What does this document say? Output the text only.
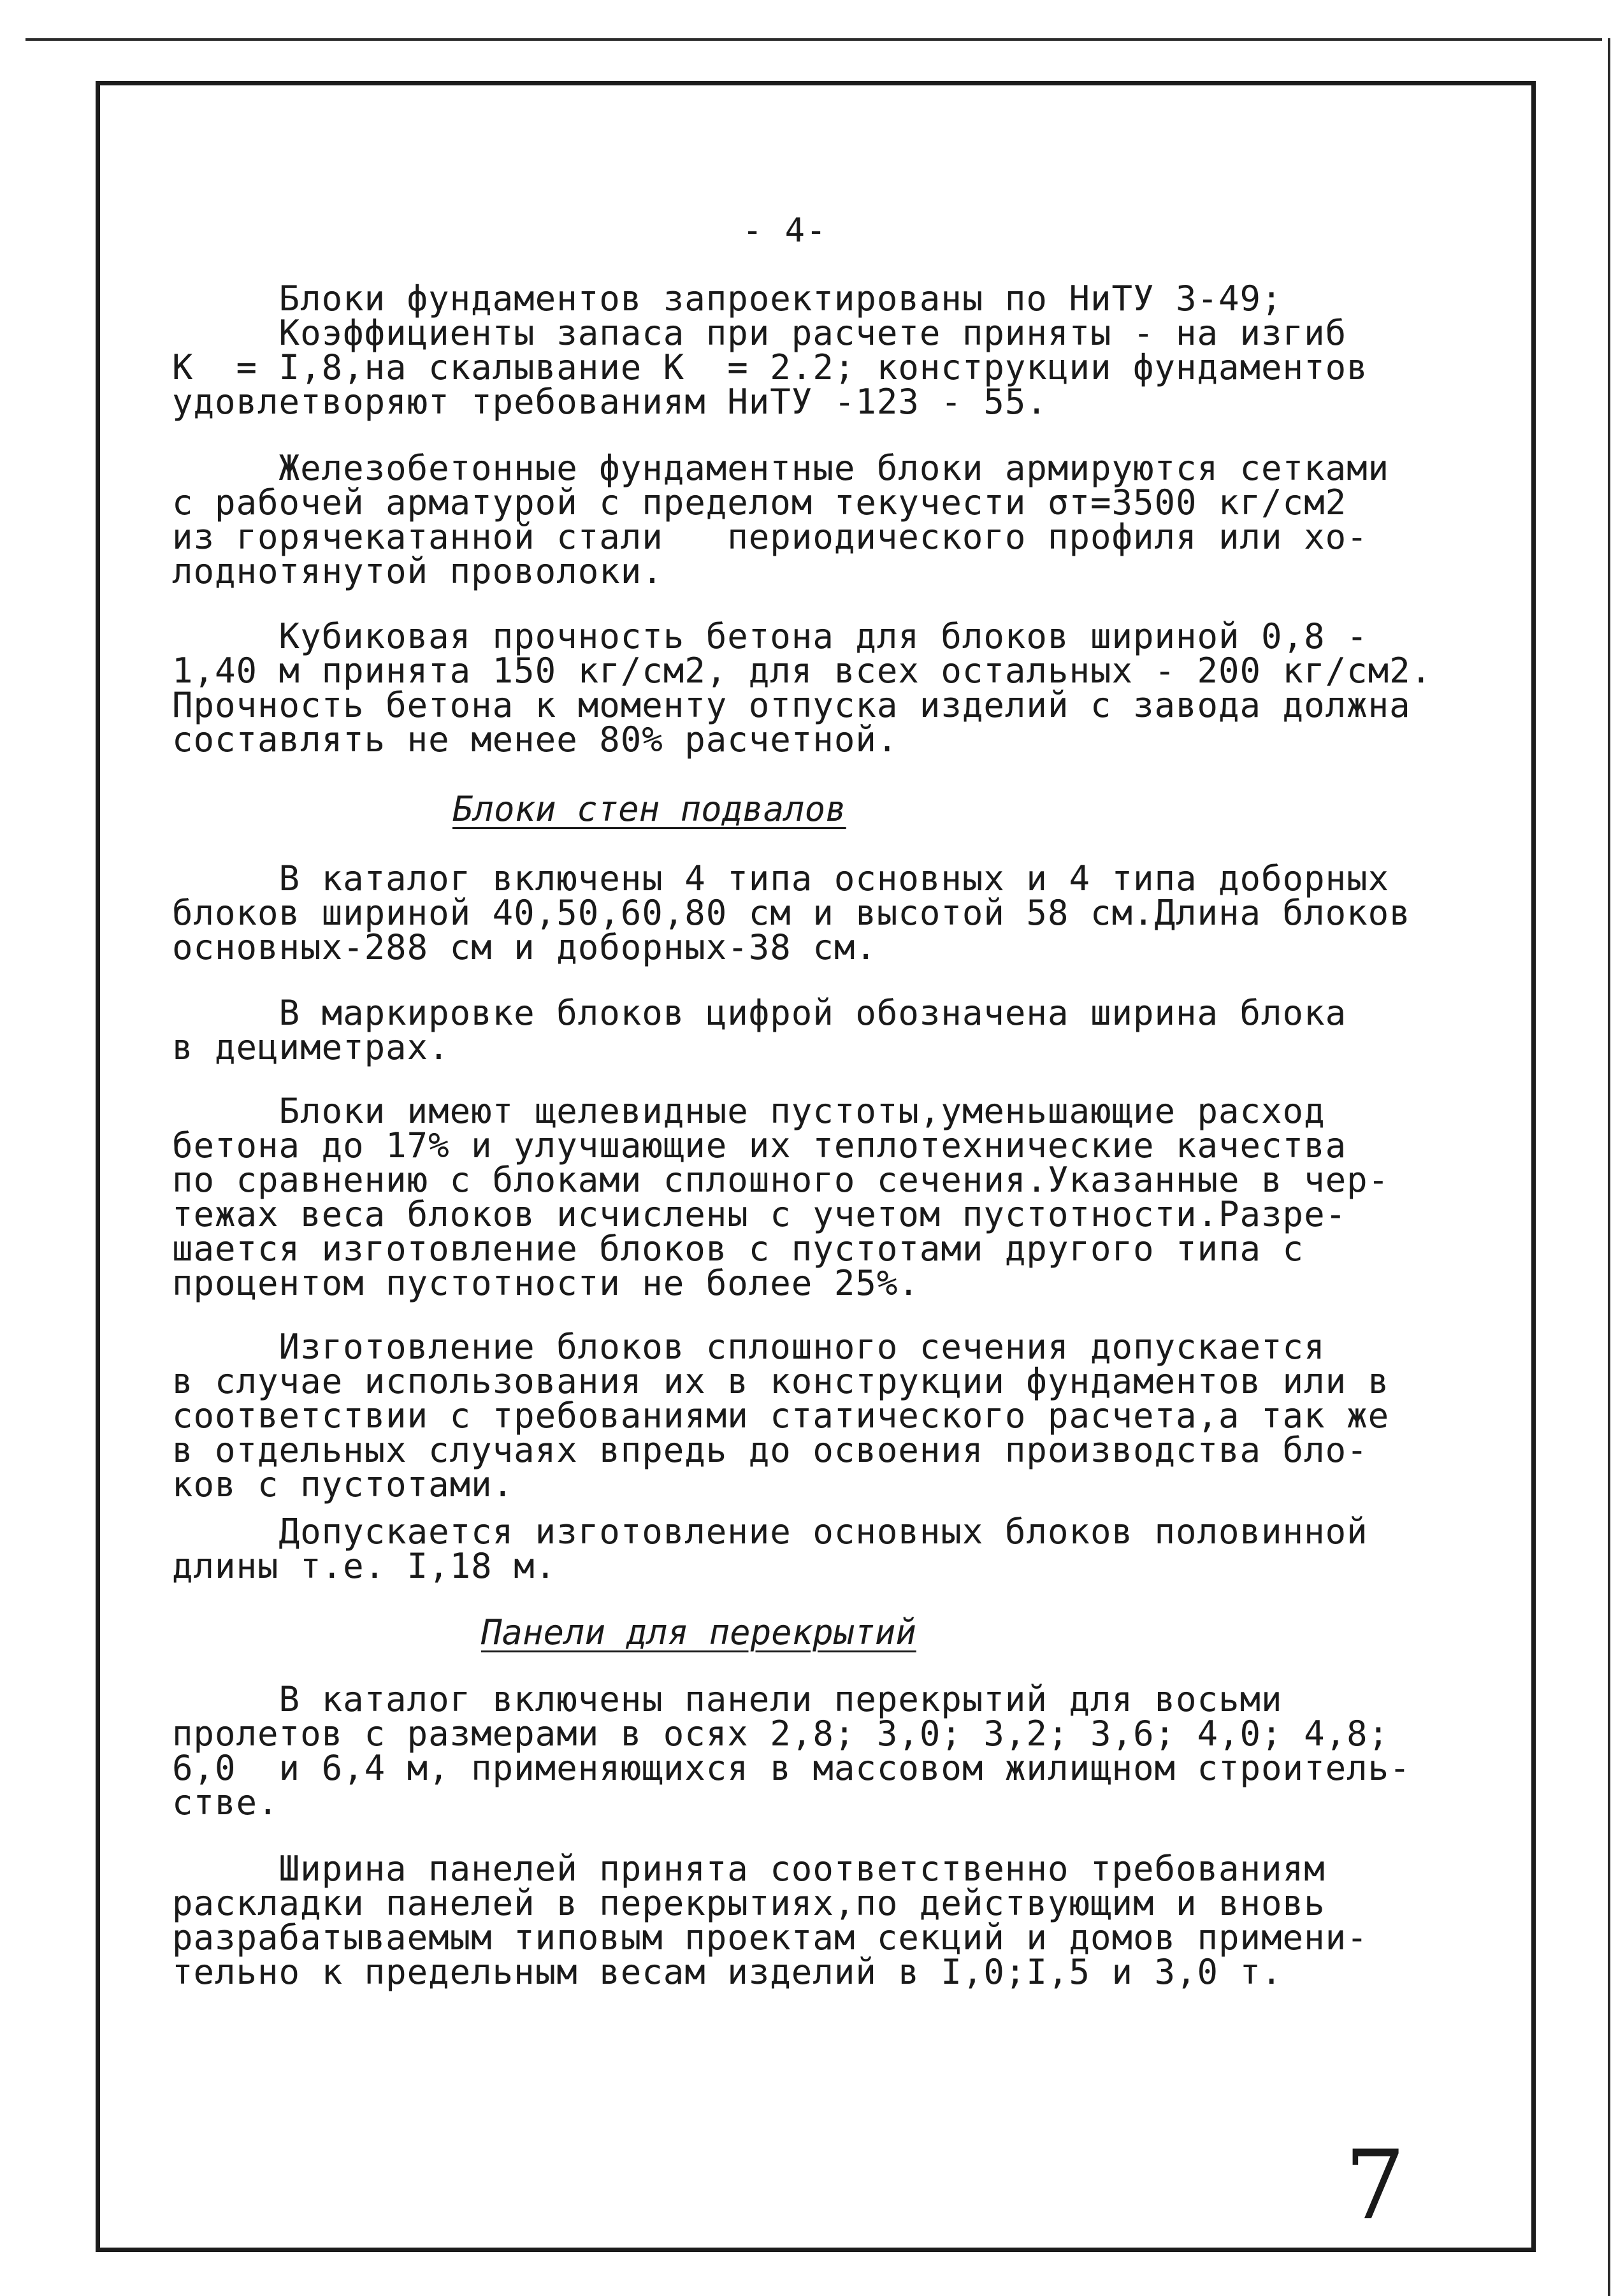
- 4-
Блоки фундаментов запроектированы по НиТУ 3-49;
Коэффициенты запаса при расчете приняты - на изгиб
К  = I,8,на скалывание К  = 2.2; конструкции фундаментов
удовлетворяют требованиям НиТУ -123 - 55.
Железобетонные фундаментные блоки армируются сетками
с рабочей арматурой с пределом текучести σт=3500 кг/см2
из горячекатанной стали   периодического профиля или хо-
лоднотянутой проволоки.
Кубиковая прочность бетона для блоков шириной 0,8 -
1,40 м принята 150 кг/см2, для всех остальных - 200 кг/см2.
Прочность бетона к моменту отпуска изделий с завода должна
составлять не менее 80% расчетной.
Блоки стен подвалов
В каталог включены 4 типа основных и 4 типа доборных
блоков шириной 40,50,60,80 см и высотой 58 см.Длина блоков
основных-288 см и доборных-38 см.
В маркировке блоков цифрой обозначена ширина блока
в дециметрах.
Блоки имеют щелевидные пустоты,уменьшающие расход
бетона до 17% и улучшающие их теплотехнические качества
по сравнению с блоками сплошного сечения.Указанные в чер-
тежах веса блоков исчислены с учетом пустотности.Разре-
шается изготовление блоков с пустотами другого типа с
процентом пустотности не более 25%.
Изготовление блоков сплошного сечения допускается
в случае использования их в конструкции фундаментов или в
соответствии с требованиями статического расчета,а так же
в отдельных случаях впредь до освоения производства бло-
ков с пустотами.
Допускается изготовление основных блоков половинной
длины т.е. I,18 м.
Панели для перекрытий
В каталог включены панели перекрытий для восьми
пролетов с размерами в осях 2,8; 3,0; 3,2; 3,6; 4,0; 4,8;
6,0  и 6,4 м, применяющихся в массовом жилищном строитель-
стве.
Ширина панелей принята соответственно требованиям
раскладки панелей в перекрытиях,по действующим и вновь
разрабатываемым типовым проектам секций и домов примени-
тельно к предельным весам изделий в I,0;I,5 и 3,0 т.
7
